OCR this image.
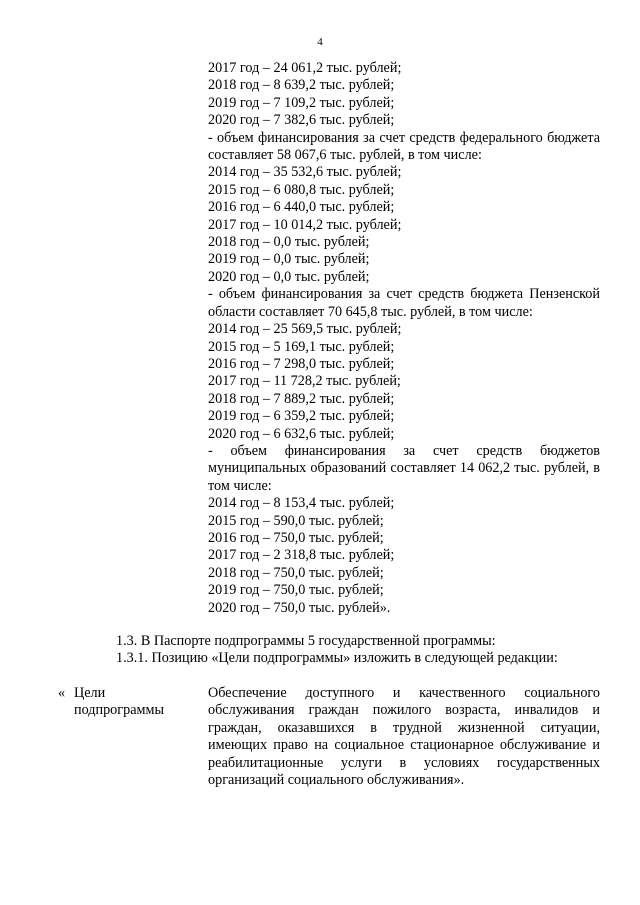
4
2017 год – 24 061,2 тыс. рублей;
2018 год – 8 639,2 тыс. рублей;
2019 год – 7 109,2 тыс. рублей;
2020 год – 7 382,6 тыс. рублей;
- объем финансирования за счет средств федерального бюджета составляет 58 067,6 тыс. рублей, в том числе:
2014 год – 35 532,6 тыс. рублей;
2015 год – 6 080,8 тыс. рублей;
2016 год – 6 440,0 тыс. рублей;
2017 год – 10 014,2 тыс. рублей;
2018 год – 0,0 тыс. рублей;
2019 год – 0,0 тыс. рублей;
2020 год – 0,0 тыс. рублей;
- объем финансирования за счет средств бюджета Пензенской области составляет 70 645,8 тыс. рублей, в том числе:
2014 год – 25 569,5 тыс. рублей;
2015 год – 5 169,1 тыс. рублей;
2016 год – 7 298,0 тыс. рублей;
2017 год – 11 728,2 тыс. рублей;
2018 год – 7 889,2 тыс. рублей;
2019 год – 6 359,2 тыс. рублей;
2020 год – 6 632,6 тыс. рублей;
- объем финансирования за счет средств бюджетов муниципальных образований составляет 14 062,2 тыс. рублей, в том числе:
2014 год – 8 153,4 тыс. рублей;
2015 год – 590,0 тыс. рублей;
2016 год – 750,0 тыс. рублей;
2017 год – 2 318,8 тыс. рублей;
2018 год – 750,0 тыс. рублей;
2019 год – 750,0 тыс. рублей;
2020 год – 750,0 тыс. рублей».
1.3. В Паспорте подпрограммы 5 государственной программы:
1.3.1. Позицию «Цели подпрограммы» изложить в следующей редакции:
« Цели подпрограммы
Обеспечение доступного и качественного социального обслуживания граждан пожилого возраста, инвалидов и граждан, оказавшихся в трудной жизненной ситуации, имеющих право на социальное стационарное обслуживание и реабилитационные услуги в условиях государственных организаций социального обслуживания».
